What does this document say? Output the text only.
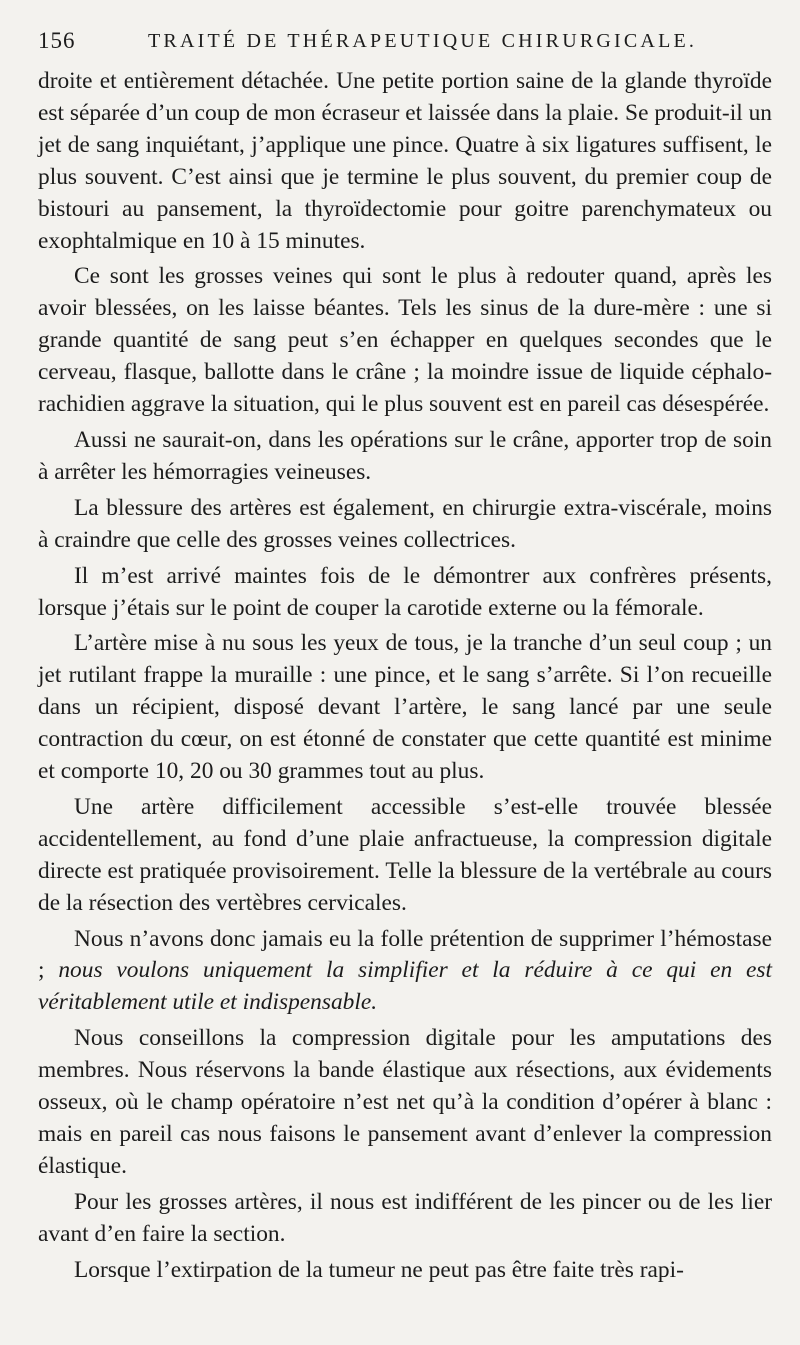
156	TRAITÉ DE THÉRAPEUTIQUE CHIRURGICALE.

droite et entièrement détachée. Une petite portion saine de la glande thyroïde est séparée d’un coup de mon écraseur et laissée dans la plaie. Se produit-il un jet de sang inquiétant, j’applique une pince. Quatre à six ligatures suffisent, le plus souvent. C’est ainsi que je termine le plus souvent, du premier coup de bistouri au pansement, la thyroïdectomie pour goitre parenchymateux ou exophtalmique en 10 à 15 minutes.

Ce sont les grosses veines qui sont le plus à redouter quand, après les avoir blessées, on les laisse béantes. Tels les sinus de la dure-mère : une si grande quantité de sang peut s’en échapper en quelques secondes que le cerveau, flasque, ballotte dans le crâne ; la moindre issue de liquide céphalo-rachidien aggrave la situation, qui le plus souvent est en pareil cas désespérée.

Aussi ne saurait-on, dans les opérations sur le crâne, apporter trop de soin à arrêter les hémorragies veineuses.

La blessure des artères est également, en chirurgie extra-viscérale, moins à craindre que celle des grosses veines collectrices.

Il m’est arrivé maintes fois de le démontrer aux confrères présents, lorsque j’étais sur le point de couper la carotide externe ou la fémorale.

L’artère mise à nu sous les yeux de tous, je la tranche d’un seul coup ; un jet rutilant frappe la muraille : une pince, et le sang s’arrête. Si l’on recueille dans un récipient, disposé devant l’artère, le sang lancé par une seule contraction du cœur, on est étonné de constater que cette quantité est minime et comporte 10, 20 ou 30 grammes tout au plus.

Une artère difficilement accessible s’est-elle trouvée blessée accidentellement, au fond d’une plaie anfractueuse, la compression digitale directe est pratiquée provisoirement. Telle la blessure de la vertébrale au cours de la résection des vertèbres cervicales.

Nous n’avons donc jamais eu la folle prétention de supprimer l’hémostase ; nous voulons uniquement la simplifier et la réduire à ce qui en est véritablement utile et indispensable.

Nous conseillons la compression digitale pour les amputations des membres. Nous réservons la bande élastique aux résections, aux évidements osseux, où le champ opératoire n’est net qu’à la condition d’opérer à blanc : mais en pareil cas nous faisons le pansement avant d’enlever la compression élastique.

Pour les grosses artères, il nous est indifférent de les pincer ou de les lier avant d’en faire la section.

Lorsque l’extirpation de la tumeur ne peut pas être faite très rapi-
